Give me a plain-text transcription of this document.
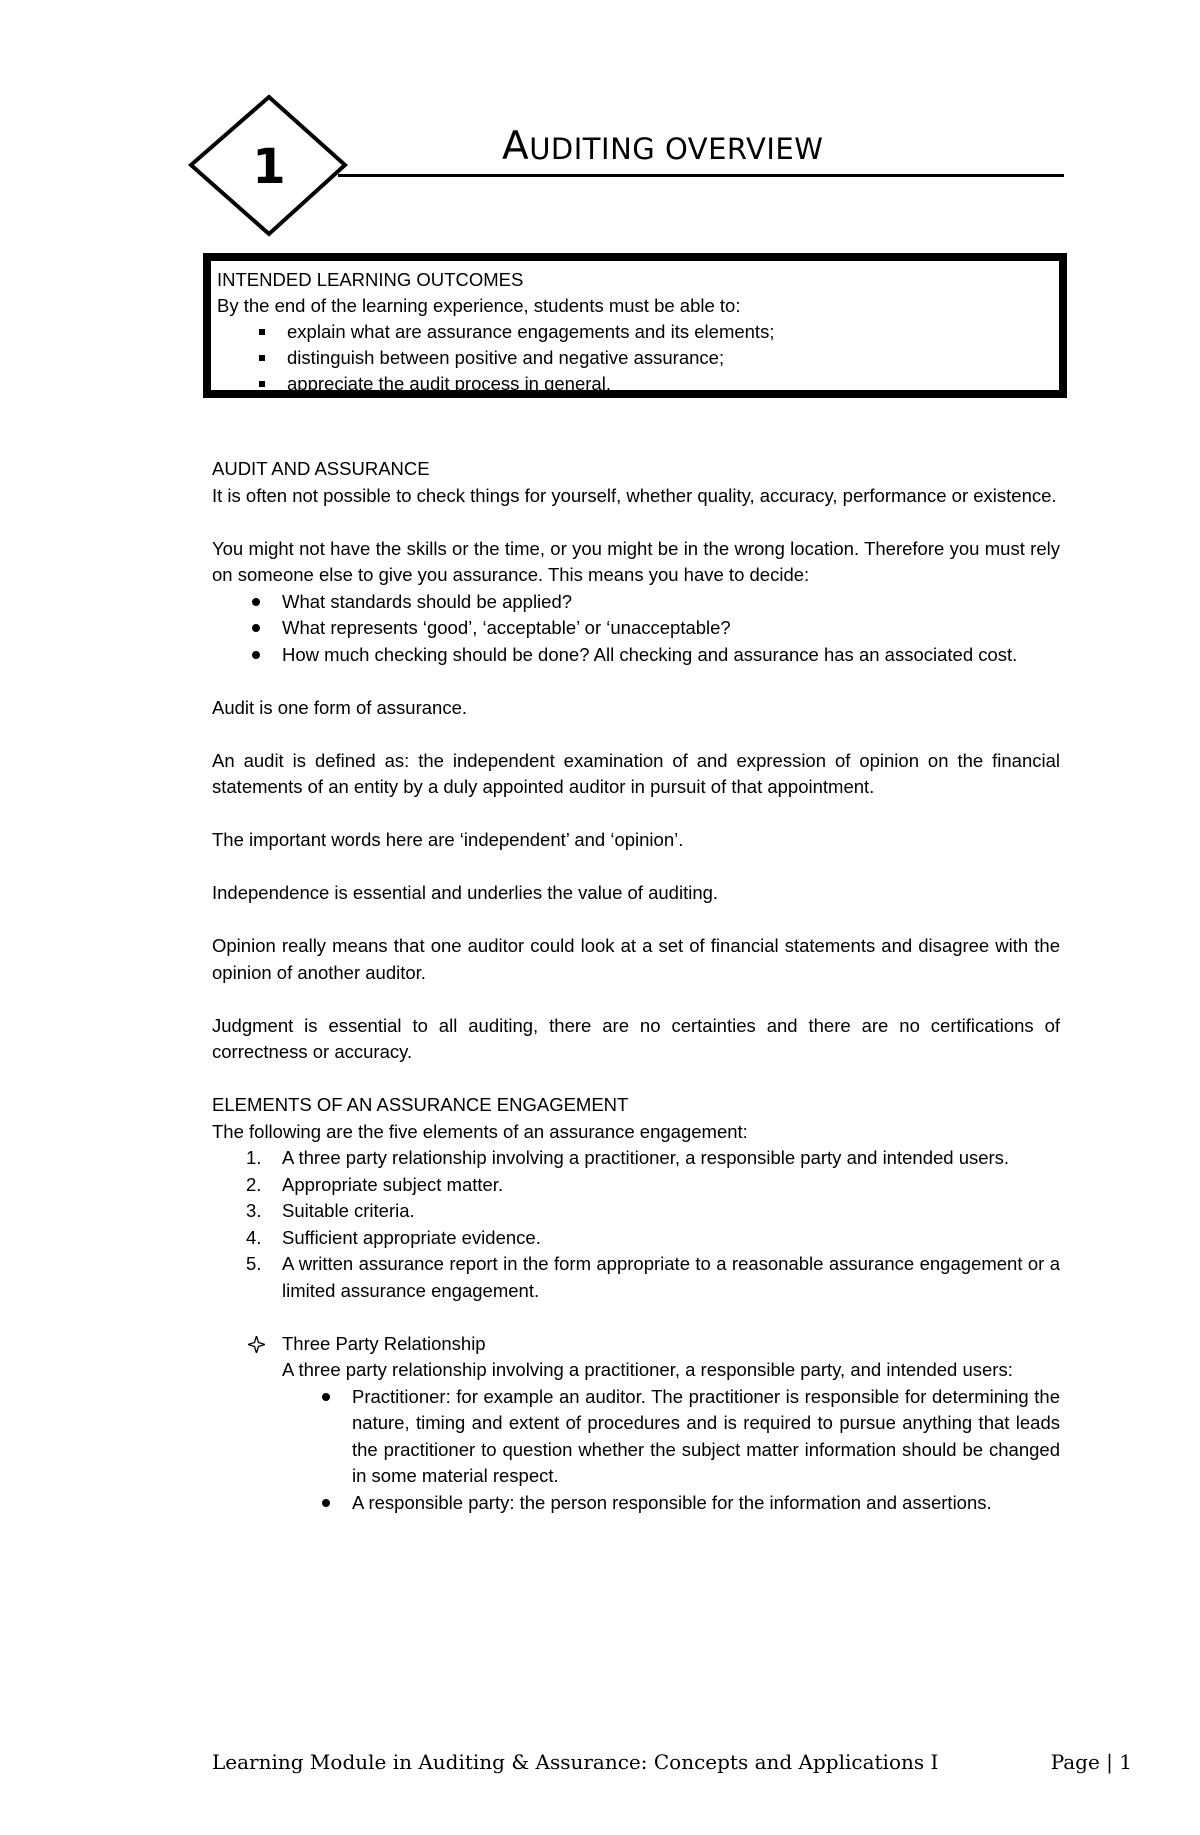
1	AUDITING OVERVIEW
INTENDED LEARNING OUTCOMES
By the end of the learning experience, students must be able to:
explain what are assurance engagements and its elements;
distinguish between positive and negative assurance;
appreciate the audit process in general.

AUDIT AND ASSURANCE

It is often not possible to check things for yourself, whether quality, accuracy, performance or existence.

You might not have the skills or the time, or you might be in the wrong location. Therefore you must rely on someone else to give you assurance. This means you have to decide:

What standards should be applied?
What represents ‘good’, ‘acceptable’ or ‘unacceptable?
How much checking should be done? All checking and assurance has an associated cost.

Audit is one form of assurance.

An audit is defined as: the independent examination of and expression of opinion on the financial statements of an entity by a duly appointed auditor in pursuit of that appointment.

The important words here are ‘independent’ and ‘opinion’.

Independence is essential and underlies the value of auditing.

Opinion really means that one auditor could look at a set of financial statements and disagree with the opinion of another auditor.

Judgment is essential to all auditing, there are no certainties and there are no certifications of correctness or accuracy.

ELEMENTS OF AN ASSURANCE ENGAGEMENT

The following are the five elements of an assurance engagement:

1. A three party relationship involving a practitioner, a responsible party and intended users.
2. Appropriate subject matter.
3. Suitable criteria.
4. Sufficient appropriate evidence.
5. A written assurance report in the form appropriate to a reasonable assurance engagement or a limited assurance engagement.

Three Party Relationship

A three party relationship involving a practitioner, a responsible party, and intended users:

Practitioner: for example an auditor. The practitioner is responsible for determining the nature, timing and extent of procedures and is required to pursue anything that leads the practitioner to question whether the subject matter information should be changed in some material respect.
A responsible party: the person responsible for the information and assertions.
Learning Module in Auditing & Assurance: Concepts and Applications I	Page | 1
